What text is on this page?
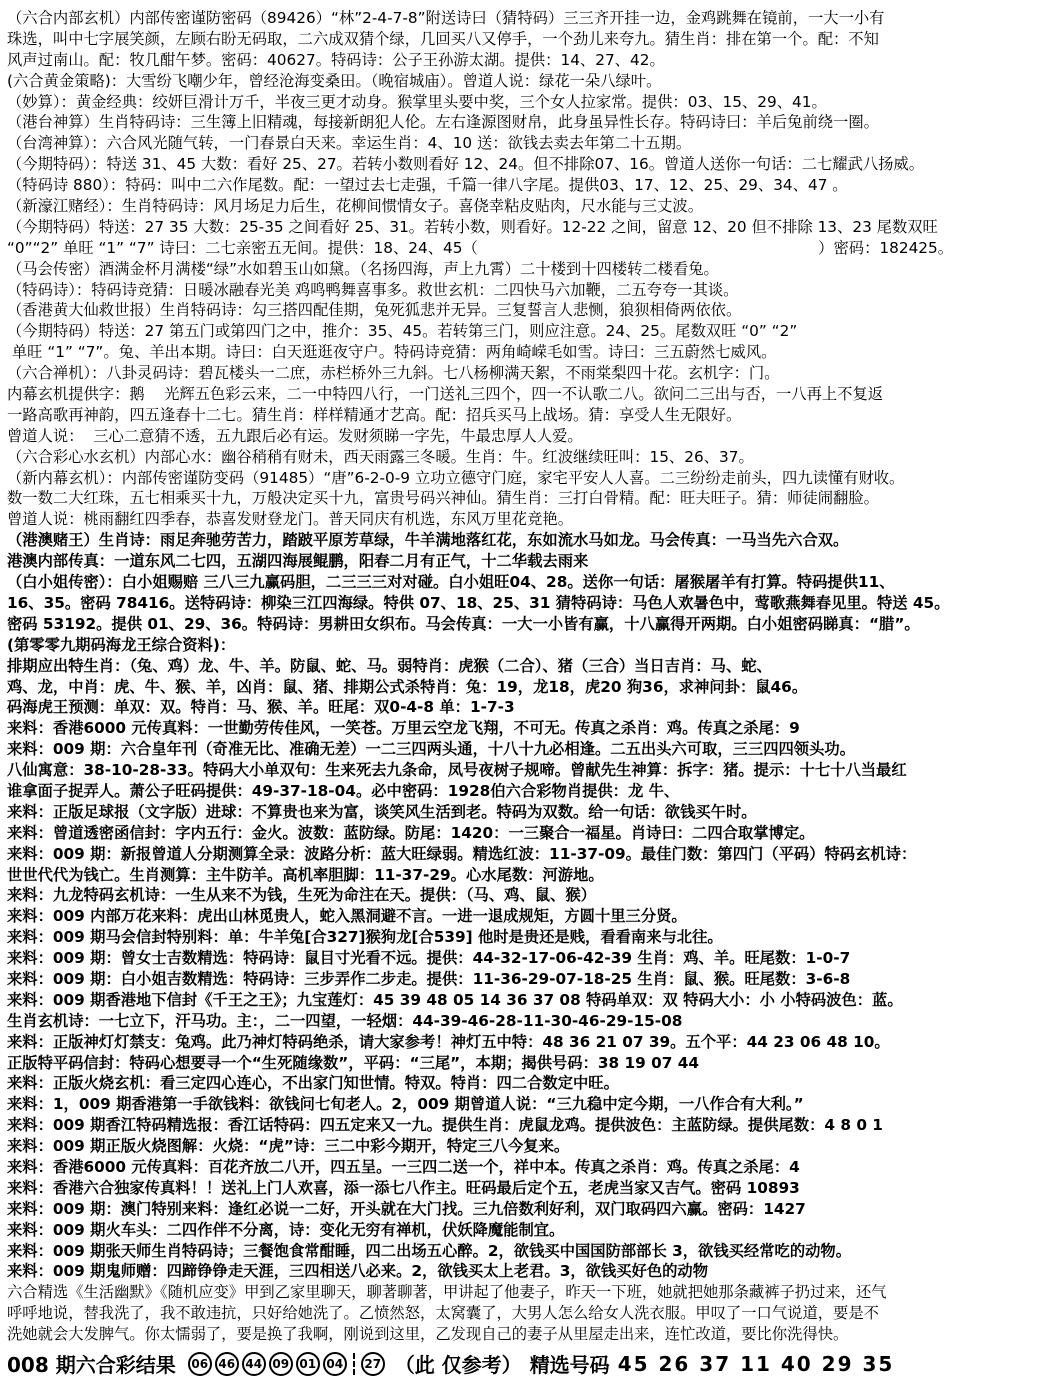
（六合内部玄机）内部传密谨防密码（89426）“林”2-4-7-8”附送诗曰（猜特码）三三齐开挂一边，金鸡跳舞在镜前，一大一小有
珠选，叫中七字展笑颜，左顾右盼无码取，二六成双猜个绿，几回买八又停手，一个劲儿来夸九。猜生肖：排在第一个。配：不知
风声过南山。配：牧几酣午梦。密码：40627。特码诗：公子王孙游太湖。提供：14、27、42。
(六合黄金策略)：大雪纷飞嘲少年，曾经沧海变桑田。（晚宿城庙）。曾道人说：绿花一朵八绿叶。
（妙算）：黄金经典：绞妍巨滑计万千，半夜三更才动身。猴掌里头要中奖，三个女人拉家常。提供：03、15、29、41。
（港台神算）生肖特码诗：三生簿上旧精魂，每接新朗犯人伦。左右逢源图财帛，此身虽异性长存。特码诗曰：羊后兔前绕一圈。
（台湾神算）：六合风光随气转，一门春景白天来。幸运生肖：4、10 送：欲钱去卖去年第二十五期。
（今期特码）：特送 31、45 大数：看好 25、27。若转小数则看好 12、24。但不排除07、16。曾道人送你一句话：二七耀武八扬威。
（特码诗 880）：特码：叫中二六作尾数。配：一望过去七走强，千篇一律八字尾。提供03、17、12、25、29、34、47 。
（新濠江赌经）：生肖特码诗：风月场足力后生，花柳间惯情女子。喜侥幸粘皮贴肉，尺水能与三丈波。
（今期特码）特送：27 35 大数：25-35 之间看好 25、31。若转小数，则看好。12-22 之间，留意 12、20 但不排除 13、23 尾数双旺
“0”“2” 单旺 “1” “7” 诗曰：二七亲密五无间。提供：18、24、45（                                                                      ）密码：182425。
（马会传密）酒满金杯月满楼“绿”水如碧玉山如黛。（名扬四海，声上九霄）二十楼到十四楼转二楼看兔。
（特码诗）：特码诗竞猜：日暖冰融春光美 鸡鸣鸭舞喜事多。救世玄机：二四快马六加鞭，二五夸夸一其谈。
（香港黄大仙救世报）生肖特码诗：勾三搭四配佳期，兔死狐悲并无异。三复誓言人悲恻，狼狈相倚两依依。
（今期特码）特送：27 第五门或第四门之中，推介：35、45。若转第三门，则应注意。24、25。尾数双旺 “0” “2”
单旺 “1” “7”。兔、羊出本期。诗曰：白天逛逛夜守户。特码诗竞猜：两角崎嵘毛如雪。诗曰：三五蔚然七威风。
（六合禅机）：八卦灵码诗：碧瓦楼头一二庶，赤栏桥外三九斜。七八杨柳满天絮，不雨棠梨四十花。玄机字：门。
内幕玄机提供字：鹅    光辉五色彩云来，二一中特四八行，一门送礼三四个，四一不认歌二八。欲问二三出与否，一八再上不复返
一路高歌再神韵，四五逢春十二七。猜生肖：样样精通才艺高。配：招兵买马上战场。猜：享受人生无限好。
曾道人说：  三心二意猜不透，五九跟后必有运。发财须睇一字先，牛最忠厚人人爱。
（六合彩心水玄机）内部心水：幽谷稍稍有财未，西天雨露三冬暖。生肖：牛。红波继续旺叫：15、26、37。
（新内幕玄机）：内部传密谨防变码（91485）“唐”6-2-0-9 立功立德守门庭，家宅平安人人喜。二三纷纷走前头，四九读懂有财收。
数一数二大红珠，五七相乘买十九，万般决定买十九，富贵号码兴神仙。猜生肖：三打白骨精。配：旺夫旺子。猜：师徒闹翻脸。
曾道人说：桃雨翻红四季春，恭喜发财登龙门。普天同庆有机选，东风万里花竞艳。
（港澳赌王）生肖诗：雨足奔驰劳苦力，踏跛平原芳草绿，牛羊满地落红花，东如流水马如龙。马会传真：一马当先六合双。
港澳内部传真：一道东风二七四，五湖四海展鲲鹏，阳春二月有正气，十二华载去雨来
（白小姐传密）：白小姐赐赔 三八三九赢码胆，二三三三对对碰。白小姐旺04、28。送你一句话：屠猴屠羊有打算。特码提供11、
16、35。密码 78416。送特码诗：柳染三江四海绿。特供 07、18、25、31 猜特码诗：马色人欢暑色中，莺歌燕舞春见里。特送 45。
密码 53192。提供 01、29、36。特码诗：男耕田女织布。马会传真：一大一小皆有赢，十八赢得开两期。白小姐密码睇真：“腊”。
(第零零九期码海龙王综合资料)：
排期应出特生肖：（兔、鸡）龙、牛、羊。防鼠、蛇、马。弱特肖：虎猴（二合）、猪（三合）当日吉肖：马、蛇、
鸡、龙，中肖：虎、牛、猴、羊，凶肖：鼠、猪、排期公式杀特肖：兔：19，龙18，虎20 狗36，求神问卦：鼠46。
码海虎王预测：单双：双。特肖：马、猴、羊。旺尾：双0-4-8 单：1-7-3
来料：香港6000 元传真料：一世勤劳传佳风，一笑苍。万里云空龙飞翔，不可无。传真之杀肖：鸡。传真之杀尾：9
来料：009 期：六合皇年刊（奇准无比、准确无差）一二三四两头通，十八十九必相逢。二五出头六可取，三三四四领头功。
八仙寓意：38-10-28-33。特码大小单双句：生来死去九条命，凤号夜树子规啼。曾献先生神算：拆字：猪。提示：十七十八当最红
谁拿面子捉弄人。萧公子旺码提供：49-37-18-04。必中密码：1928伯六合彩物肖提供：龙 牛、
来料：正版足球报（文字版）进球：不算贵也来为富，谈笑风生活到老。特码为双数。给一句话：欲钱买午时。
来料：曾道透密函信封：字内五行：金火。波数：蓝防绿。防尾：1420：一三聚合一福星。肖诗曰：二四合取掌博定。
来料：009 期：新报曾道人分期测算全录：波路分析：蓝大旺绿弱。精选红波：11-37-09。最佳门数：第四门（平码）特码玄机诗：
世世代代为钱亡。生肖测算：主牛防羊。高机率胆脚：11-37-29。心水尾数：河游地。
来料：九龙特码玄机诗：一生从来不为钱，生死为命注在天。提供：（马、鸡、鼠、猴）
来料：009 内部万花来料：虎出山林觅贵人，蛇入黑洞避不言。一进一退成规矩，方圆十里三分贤。
来料：009 期马会信封特别料：单：牛羊兔[合327]猴狗龙[合539] 他时是贵还是贱，看看南来与北往。
来料：009 期：曾女士吉数精选：特码诗：鼠目寸光看不远。提供：44-32-17-06-42-39 生肖：鸡、羊。旺尾数：1-0-7
来料：009 期：白小姐吉数精选：特码诗：三步弄作二步走。提供：11-36-29-07-18-25 生肖：鼠、猴。旺尾数：3-6-8
来料：009 期香港地下信封《千王之王》；九宝莲灯：45 39 48 05 14 36 37 08 特码单双：双 特码大小：小 小特码波色：蓝。
生肖玄机诗：一七立下，汗马功。主：，二一四望，一轻烟：44-39-46-28-11-30-46-29-15-08
来料：正版神灯灯禁支：兔鸡。此乃神灯特码绝杀，请大家参考！神灯五中特：48 36 21 07 39。五个平：44 23 06 48 10。
正版特平码信封：特码心想要寻一个“生死随缘数”，平码：“三尾”，本期；揭供号码：38 19 07 44
来料：正版火烧玄机：看三定四心连心，不出家门知世情。特双。特肖：四二合数定中旺。
来料：1，009 期香港第一手欲钱料：欲钱问七旬老人。2，009 期曾道人说：“三九稳中定今期，一八作合有大利。”
来料：009 期香江特码精选报：香江话特码：四五定来又一九。提供生肖：虎鼠龙鸡。提供波色：主蓝防绿。提供尾数：4 8 0 1
来料：009 期正版火烧图解：火烧：“虎”诗：三二中彩今期开，特定三八今复来。
来料：香港6000 元传真料：百花齐放二八开，四五呈。一三四二送一个，祥中本。传真之杀肖：鸡。传真之杀尾：4
来料：香港六合独家传真料！！送礼上门人欢喜，添一添七八作主。旺码最后定个五，老虎当家又吉气。密码 10893
来料：009 期：澳门特别来料：逢红必说一二好，开头就在大门找。三九倍数利好利，双门取码四六赢。密码：1427
来料：009 期火车头：二四作伴不分离，诗：变化无穷有禅机，伏妖降魔能制宜。
来料：009 期张天师生肖特码诗；三餐饱食常酣睡，四二出场五心醉。2，欲钱买中国国防部部长 3，欲钱买经常吃的动物。
来料：009 期鬼师赠：四蹄铮铮走天涯，三四相送八必来。2，欲钱买太上老君。3，欲钱买好色的动物
六合精选《生活幽默》《随机应变》甲到乙家里聊天，聊著聊著，甲讲起了他妻子，昨天一下班，她就把她那条藏裤子扔过来，还气
呼呼地说，替我洗了，我不敢违抗，只好给她洗了。乙愤然怒，太窝囊了，大男人怎么给女人洗衣服。甲叹了一口气说道，要是不
洗她就会大发脾气。你太懦弱了，要是换了我啊，刚说到这里，乙发现自己的妻子从里屋走出来，连忙改道，要比你洗得快。
008 期六合彩结果	06 46 44 09 01 04	27 （此 仅参考） 精选号码 45 26 37 11 40 29 35
